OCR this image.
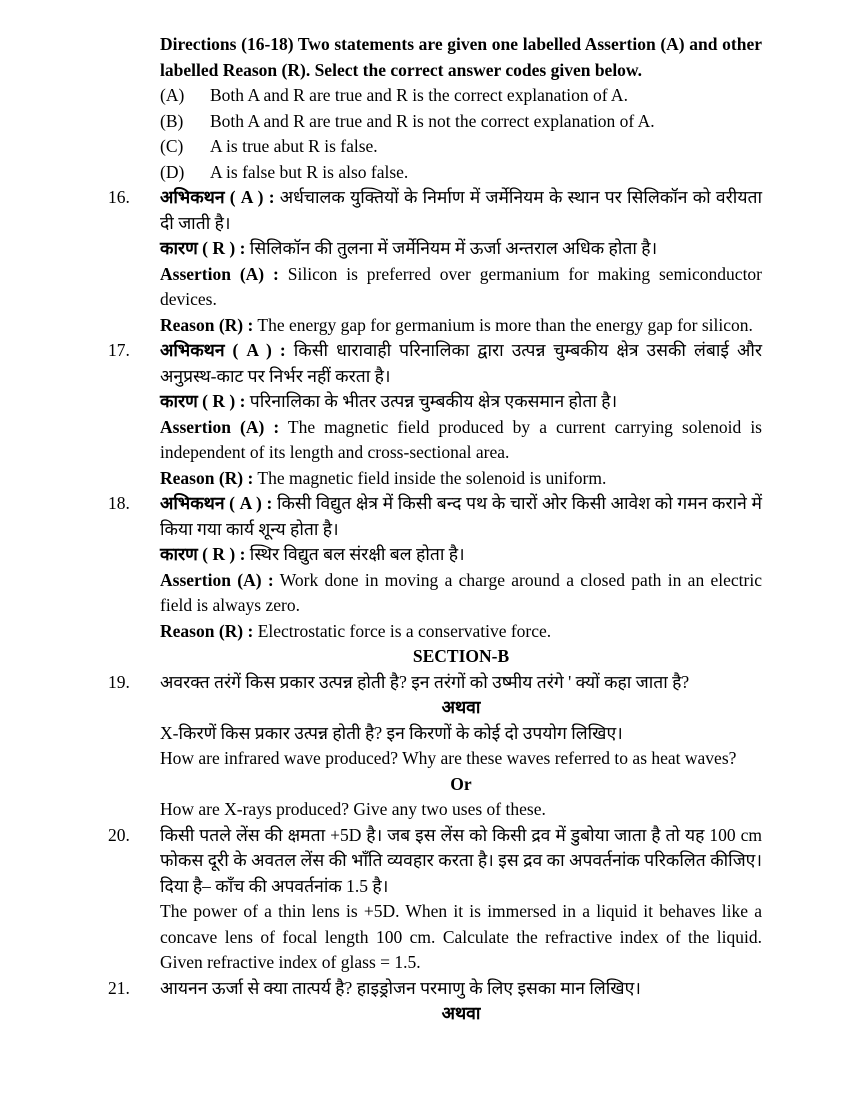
Directions (16-18) Two statements are given one labelled Assertion (A) and other labelled Reason (R). Select the correct answer codes given below.

(A)	Both A and R are true and R is the correct explanation of A.
(B)	Both A and R are true and R is not the correct explanation of A.
(C)	A is true abut R is false.
(D)	A is false but R is also false.
16.	अभिकथन ( A ) : अर्धचालक युक्तियों के निर्माण में जर्मेनियम के स्थान पर सिलिकॉन को वरीयता दी जाती है।

कारण ( R ) : सिलिकॉन की तुलना में जर्मेनियम में ऊर्जा अन्तराल अधिक होता है।

Assertion (A) : Silicon is preferred over germanium for making semiconductor devices.

Reason (R) : The energy gap for germanium is more than the energy gap for silicon.

17.	अभिकथन ( A ) : किसी धारावाही परिनालिका द्वारा उत्पन्न चुम्बकीय क्षेत्र उसकी लंबाई और अनुप्रस्थ-काट पर निर्भर नहीं करता है।

कारण ( R ) : परिनालिका के भीतर उत्पन्न चुम्बकीय क्षेत्र एकसमान होता है।

Assertion (A) : The magnetic field produced by a current carrying solenoid is independent of its length and cross-sectional area.

Reason (R) : The magnetic field inside the solenoid is uniform.

18.	अभिकथन ( A ) : किसी विद्युत क्षेत्र में किसी बन्द पथ के चारों ओर किसी आवेश को गमन कराने में किया गया कार्य शून्य होता है।

कारण ( R ) : स्थिर विद्युत बल संरक्षी बल होता है।

Assertion (A) : Work done in moving a charge around a closed path in an electric field is always zero.

Reason (R) : Electrostatic force is a conservative force.

SECTION-B

19.	अवरक्त तरंगें किस प्रकार उत्पन्न होती है? इन तरंगों को उष्मीय तरंगे ' क्यों कहा जाता है?

अथवा

X-किरणें किस प्रकार उत्पन्न होती है? इन किरणों के कोई दो उपयोग लिखिए।

How are infrared wave produced? Why are these waves referred to as heat waves?

Or

How are X-rays produced? Give any two uses of these.

20.	किसी पतले लेंस की क्षमता +5D है। जब इस लेंस को किसी द्रव में डुबोया जाता है तो यह 100 cm फोकस दूरी के अवतल लेंस की भाँति व्यवहार करता है। इस द्रव का अपवर्तनांक परिकलित कीजिए। दिया है– काँच की अपवर्तनांक 1.5 है।

The power of a thin lens is +5D. When it is immersed in a liquid it behaves like a concave lens of focal length 100 cm. Calculate the refractive index of the liquid. Given refractive index of glass = 1.5.

21.	आयनन ऊर्जा से क्या तात्पर्य है? हाइड्रोजन परमाणु के लिए इसका मान लिखिए।

अथवा
